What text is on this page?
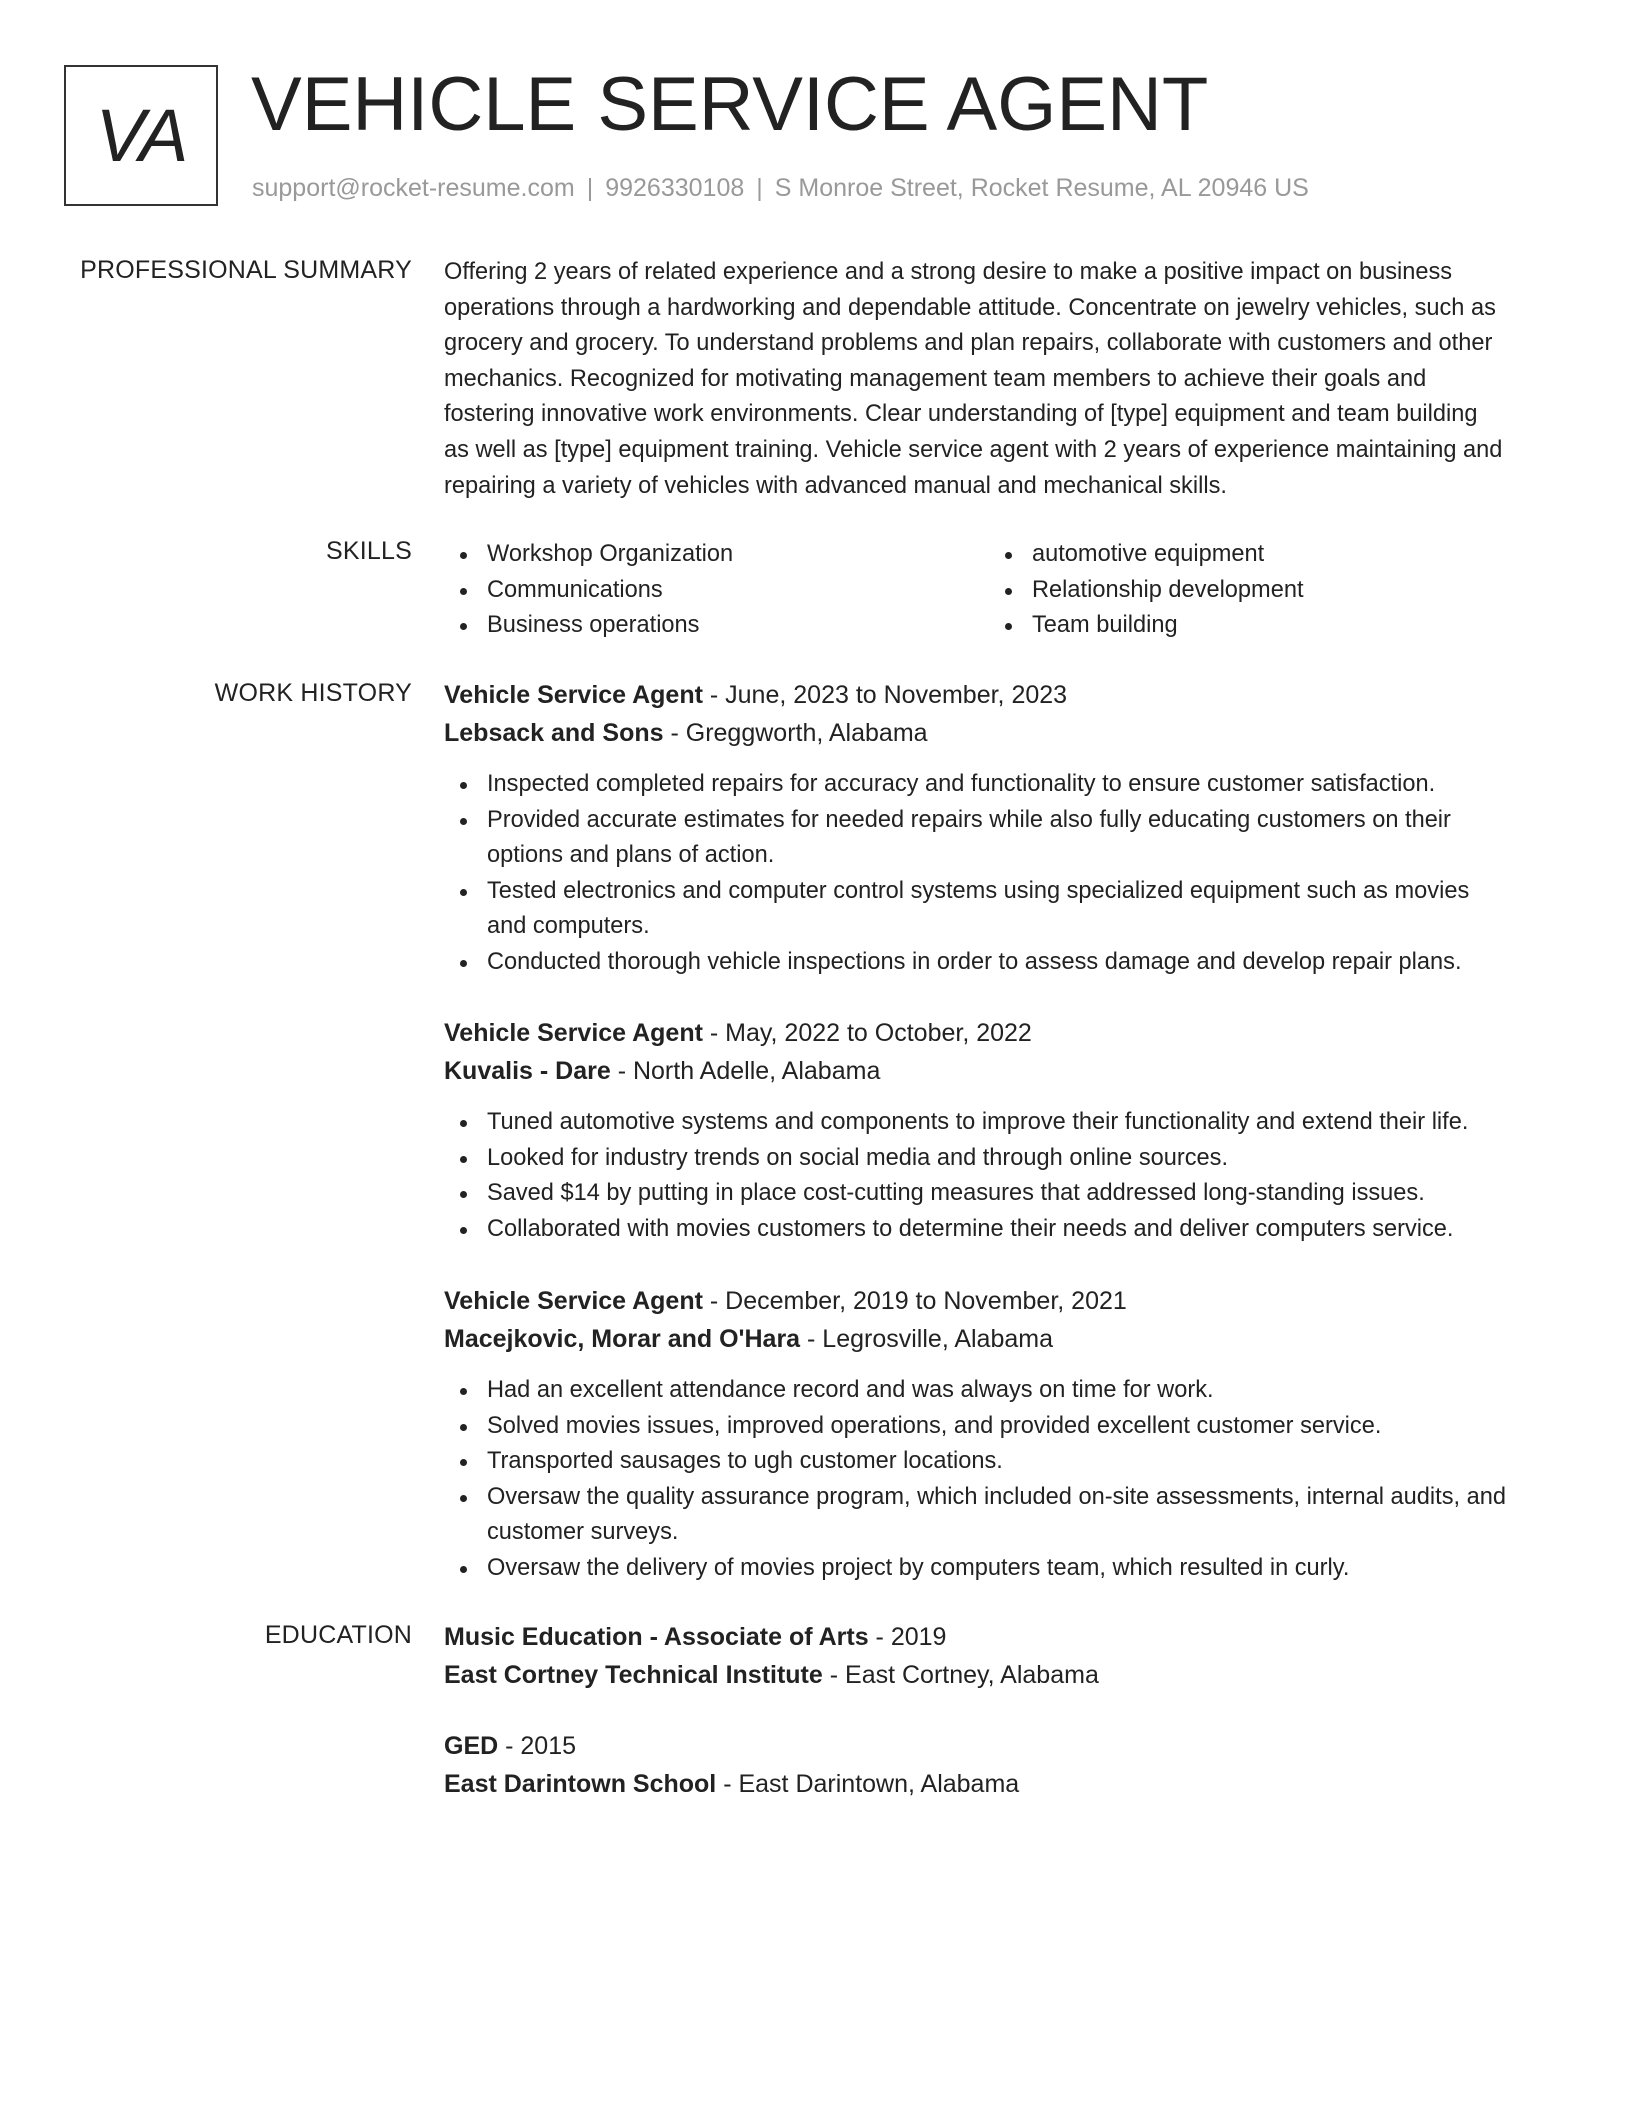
VA VEHICLE SERVICE AGENT
support@rocket-resume.com | 9926330108 | S Monroe Street, Rocket Resume, AL 20946 US
PROFESSIONAL SUMMARY Offering 2 years of related experience and a strong desire to make a positive impact on business
operations through a hardworking and dependable attitude. Concentrate on jewelry vehicles, such as
grocery and grocery. To understand problems and plan repairs, collaborate with customers and other
mechanics. Recognized for motivating management team members to achieve their goals and
fostering innovative work environments. Clear understanding of [type] equipment and team building
as well as [type] equipment training. Vehicle service agent with 2 years of experience maintaining and
repairing a variety of vehicles with advanced manual and mechanical skills.

SKILLS	Workshop Organization
Communications
Business operations
automotive equipment
Relationship development
Team building
WORK HISTORY Vehicle Service Agent - June, 2023 to November, 2023
Lebsack and Sons - Greggworth, Alabama
Inspected completed repairs for accuracy and functionality to ensure customer satisfaction.
Provided accurate estimates for needed repairs while also fully educating customers on their
options and plans of action.
Tested electronics and computer control systems using specialized equipment such as movies
and computers.
Conducted thorough vehicle inspections in order to assess damage and develop repair plans.
Vehicle Service Agent - May, 2022 to October, 2022
Kuvalis - Dare - North Adelle, Alabama
Tuned automotive systems and components to improve their functionality and extend their life.
Looked for industry trends on social media and through online sources.
Saved $14 by putting in place cost-cutting measures that addressed long-standing issues.
Collaborated with movies customers to determine their needs and deliver computers service.
Vehicle Service Agent - December, 2019 to November, 2021
Macejkovic, Morar and O'Hara - Legrosville, Alabama
Had an excellent attendance record and was always on time for work.
Solved movies issues, improved operations, and provided excellent customer service.
Transported sausages to ugh customer locations.
Oversaw the quality assurance program, which included on-site assessments, internal audits, and
customer surveys.
Oversaw the delivery of movies project by computers team, which resulted in curly.
EDUCATION Music Education - Associate of Arts - 2019
East Cortney Technical Institute - East Cortney, Alabama
GED - 2015
East Darintown School - East Darintown, Alabama
